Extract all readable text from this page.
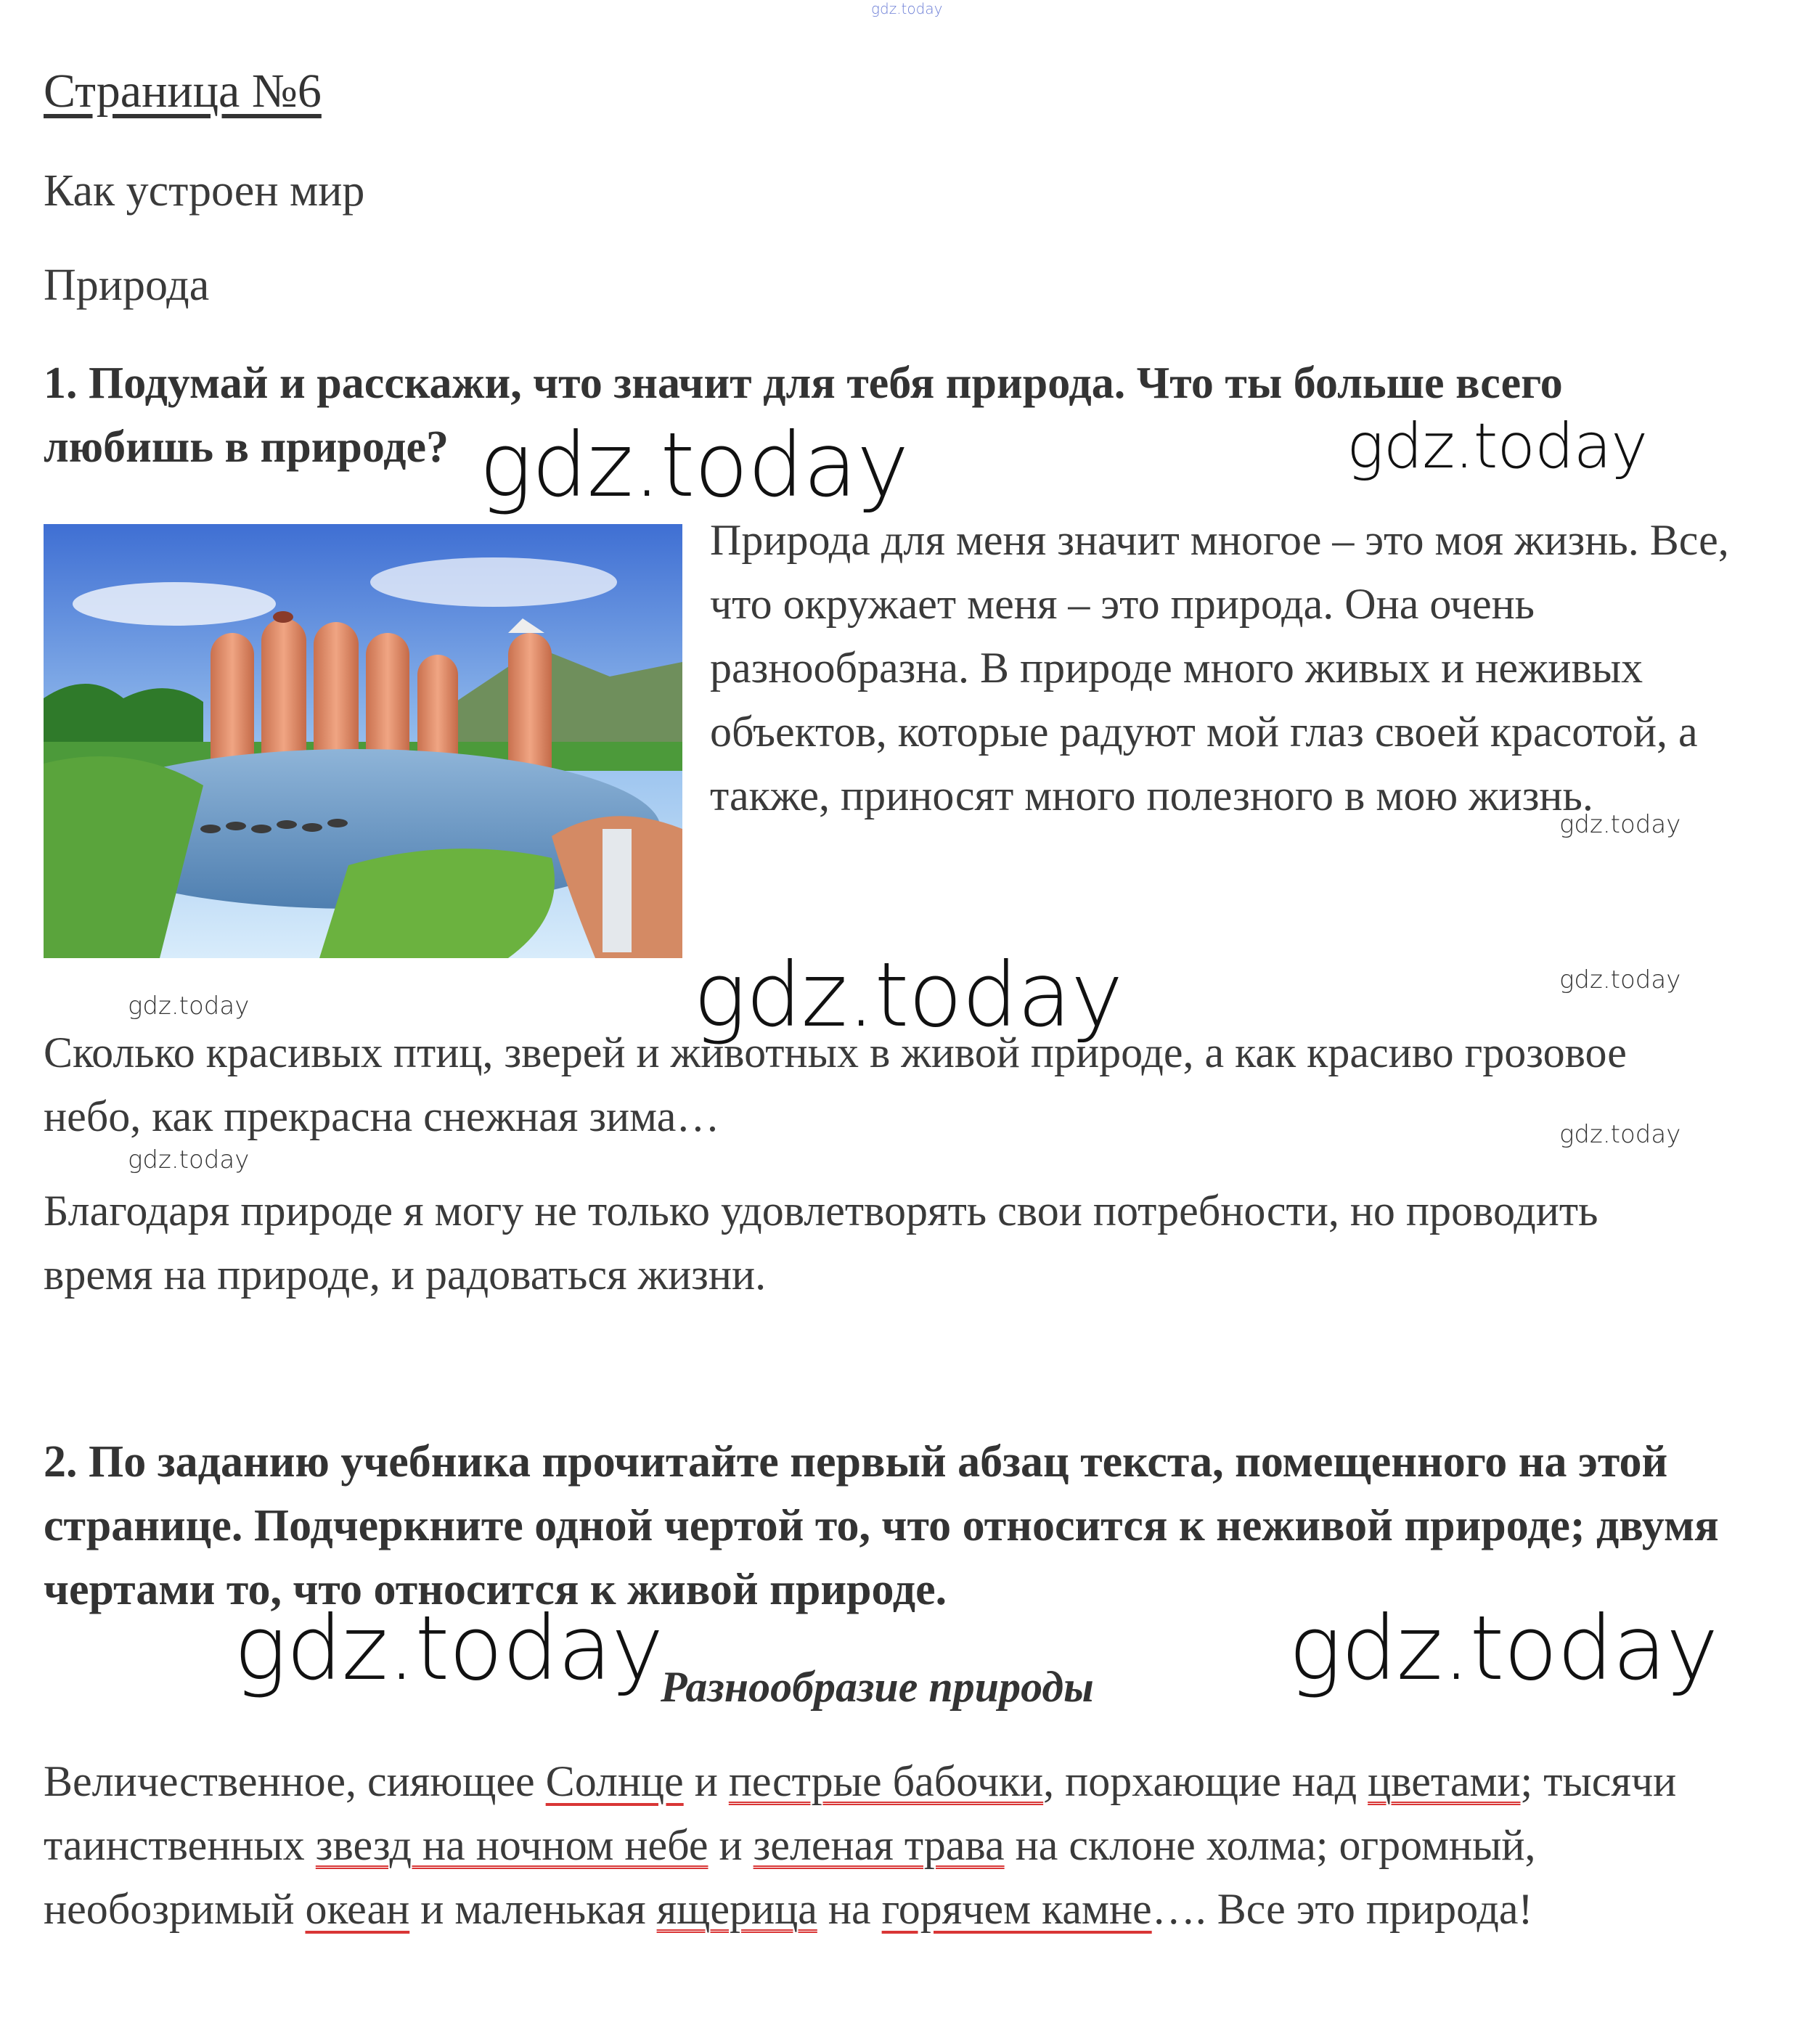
gdz.today
Страница №6
Как устроен мир
Природа

1. Подумай и расскажи, что значит для тебя природа. Что ты больше всего любишь в природе?

Природа для меня значит многое – это моя жизнь. Все, что окружает меня – это природа. Она очень разнообразна. В природе много живых и неживых объектов, которые радуют мой глаз своей красотой, а также, приносят много полезного в мою жизнь.

Сколько красивых птиц, зверей и животных в живой природе, а как красиво грозовое небо, как прекрасна снежная зима…

Благодаря природе я могу не только удовлетворять свои потребности, но проводить время на природе, и радоваться жизни.

2. По заданию учебника прочитайте первый абзац текста, помещенного на этой странице. Подчеркните одной чертой то, что относится к неживой природе; двумя чертами то, что относится к живой природе.

Разнообразие природы

Величественное, сияющее Солнце и пестрые бабочки, порхающие над цветами; тысячи таинственных звезд на ночном небе и зеленая трава на склоне холма; огромный, необозримый океан и маленькая ящерица на горячем камне…. Все это природа!

gdz.today	gdz.today
gdz.today
gdz.today	gdz.today
gdz.today
gdz.today
gdz.today
gdz.today	gdz.today
